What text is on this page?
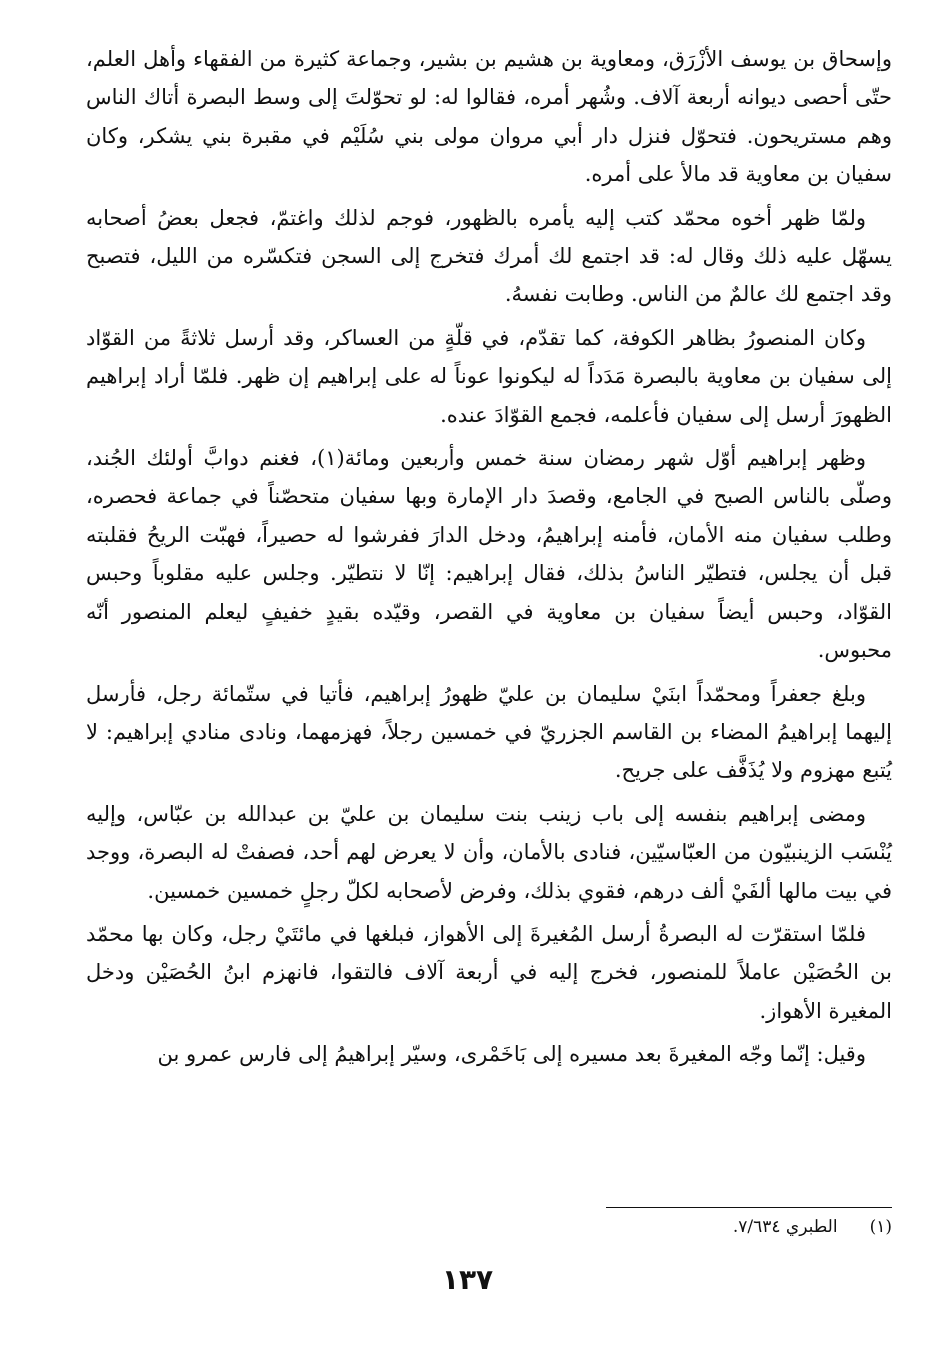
وإسحاق بن يوسف الأزْرَق، ومعاوية بن هشيم بن بشير، وجماعة كثيرة من الفقهاء وأهل العلم، حتّى أحصى ديوانه أربعة آلاف. وشُهر أمره، فقالوا له: لو تحوّلتَ إلى وسط البصرة أتاك الناس وهم مستريحون. فتحوّل فنزل دار أبي مروان مولى بني سُلَيْم في مقبرة بني يشكر، وكان سفيان بن معاوية قد مالأ على أمره.

ولمّا ظهر أخوه محمّد كتب إليه يأمره بالظهور، فوجم لذلك واغتمّ، فجعل بعضُ أصحابه يسهّل عليه ذلك وقال له: قد اجتمع لك أمرك فتخرج إلى السجن فتكسّره من الليل، فتصبح وقد اجتمع لك عالمٌ من الناس. وطابت نفسهُ.

وكان المنصورُ بظاهر الكوفة، كما تقدّم، في قلّةٍ من العساكر، وقد أرسل ثلاثةً من القوّاد إلى سفيان بن معاوية بالبصرة مَدَداً له ليكونوا عوناً له على إبراهيم إن ظهر. فلمّا أراد إبراهيم الظهورَ أرسل إلى سفيان فأعلمه، فجمع القوّادَ عنده.

وظهر إبراهيم أوّل شهر رمضان سنة خمس وأربعين ومائة(١)، فغنم دوابَّ أولئك الجُند، وصلّى بالناس الصبح في الجامع، وقصدَ دار الإمارة وبها سفيان متحصّناً في جماعة فحصره، وطلب سفيان منه الأمان، فأمنه إبراهيمُ، ودخل الدارَ ففرشوا له حصيراً، فهبّت الريحُ فقلبته قبل أن يجلس، فتطيّر الناسُ بذلك، فقال إبراهيم: إنّا لا نتطيّر. وجلس عليه مقلوباً وحبس القوّاد، وحبس أيضاً سفيان بن معاوية في القصر، وقيّده بقيدٍ خفيفٍ ليعلم المنصور أنّه محبوس.

وبلغ جعفراً ومحمّداً ابنَيْ سليمان بن عليّ ظهورُ إبراهيم، فأتيا في ستّمائة رجل، فأرسل إليهما إبراهيمُ المضاء بن القاسم الجزريّ في خمسين رجلاً، فهزمهما، ونادى منادي إبراهيم: لا يُتبع مهزوم ولا يُذَفَّف على جريح.

ومضى إبراهيم بنفسه إلى باب زينب بنت سليمان بن عليّ بن عبدالله بن عبّاس، وإليه يُنْسَب الزينبيّون من العبّاسيّين، فنادى بالأمان، وأن لا يعرض لهم أحد، فصفتْ له البصرة، ووجد في بيت مالها ألفَيْ ألف درهم، فقوي بذلك، وفرض لأصحابه لكلّ رجلٍ خمسين خمسين.

فلمّا استقرّت له البصرةُ أرسل المُغيرةَ إلى الأهواز، فبلغها في مائتَيْ رجل، وكان بها محمّد بن الحُصَيْن عاملاً للمنصور، فخرج إليه في أربعة آلاف فالتقوا، فانهزم ابنُ الحُصَيْن ودخل المغيرة الأهواز.

وقيل: إنّما وجّه المغيرةَ بعد مسيره إلى بَاخَمْرى، وسيّر إبراهيمُ إلى فارس عمرو بن

(١)الطبري ٧/٦٣٤.
١٣٧
